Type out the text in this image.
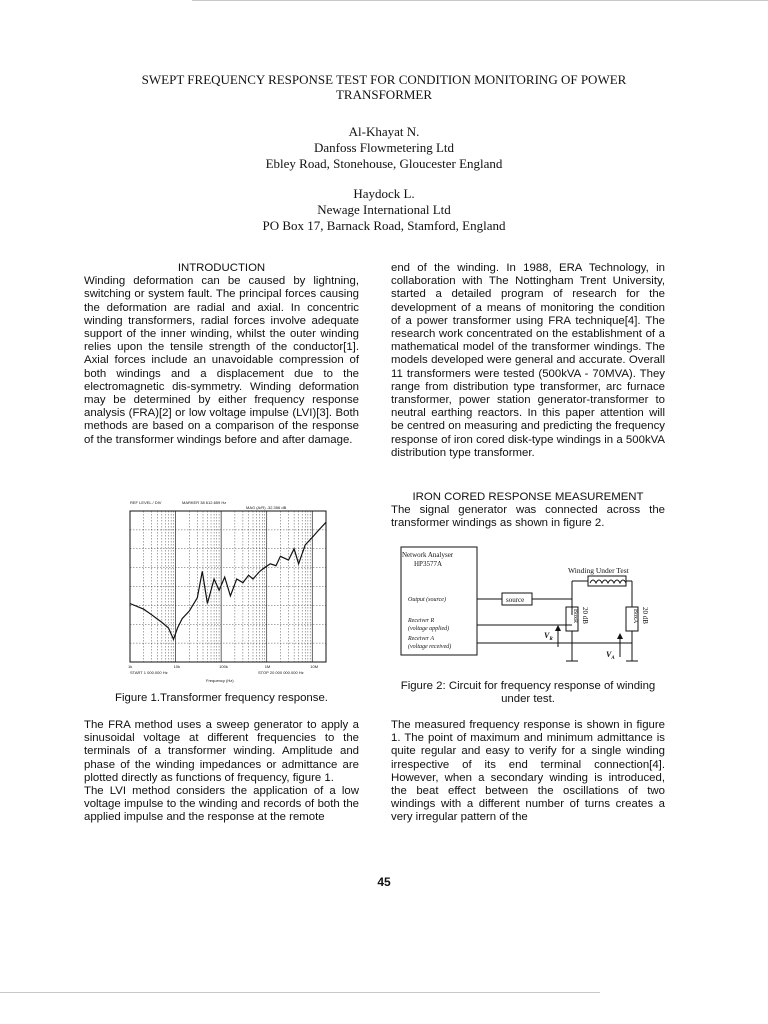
SWEPT FREQUENCY RESPONSE TEST FOR CONDITION MONITORING OF POWER TRANSFORMER
Al-Khayat N.
Danfoss Flowmetering Ltd
Ebley Road, Stonehouse, Gloucester England
Haydock L.
Newage International Ltd
PO Box 17, Barnack Road, Stamford, England

INTRODUCTION

Winding deformation can be caused by lightning, switching or system fault. The principal forces causing the deformation are radial and axial. In concentric winding transformers, radial forces involve adequate support of the inner winding, whilst the outer winding relies upon the tensile strength of the conductor[1]. Axial forces include an unavoidable compression of both windings and a displacement due to the electromagnetic dis-symmetry. Winding deformation may be determined by either frequency response analysis (FRA)[2] or low voltage impulse (LVI)[3]. Both methods are based on a comparison of the response of the transformer windings before and after damage.

end of the winding. In 1988, ERA Technology, in collaboration with The Nottingham Trent University, started a detailed program of research for the development of a means of monitoring the condition of a power transformer using FRA technique[4]. The research work concentrated on the establishment of a mathematical model of the transformer windings. The models developed were general and accurate. Overall 11 transformers were tested (500kVA - 70MVA). They range from distribution type transformer, arc furnace transformer, power station generator-transformer to neutral earthing reactors. In this paper attention will be centred on measuring and predicting the frequency response of iron cored disk-type windings in a 500kVA distribution type transformer.

IRON CORED RESPONSE MEASUREMENT

The signal generator was connected across the transformer windings as shown in figure 2.

REF LEVEL / DIV	MARKER 38 612.659 Hz
MAG (A/R) -32.356 dB
1k	10k	100k	1M	10M
START 1 000.000 Hz	STOP 20 000 000.000 Hz
Frequency (Hz)
Figure 1.Transformer frequency response.
Network Analyser
HP3577A
Output (source)
Receiver R
(voltage applied)
Receiver A
(voltage received)
source
Winding Under Test
BoxR 20 dB	BoxA 20 dB
$V_R$
$V_A$
Figure 2: Circuit for frequency response of winding under test.

The FRA method uses a sweep generator to apply a sinusoidal voltage at different frequencies to the terminals of a transformer winding. Amplitude and phase of the winding impedances or admittance are plotted directly as functions of frequency, figure 1.

The LVI method considers the application of a low voltage impulse to the winding and records of both the applied impulse and the response at the remote

The measured frequency response is shown in figure 1. The point of maximum and minimum admittance is quite regular and easy to verify for a single winding irrespective of its end terminal connection[4]. However, when a secondary winding is introduced, the beat effect between the oscillations of two windings with a different number of turns creates a very irregular pattern of the

45
